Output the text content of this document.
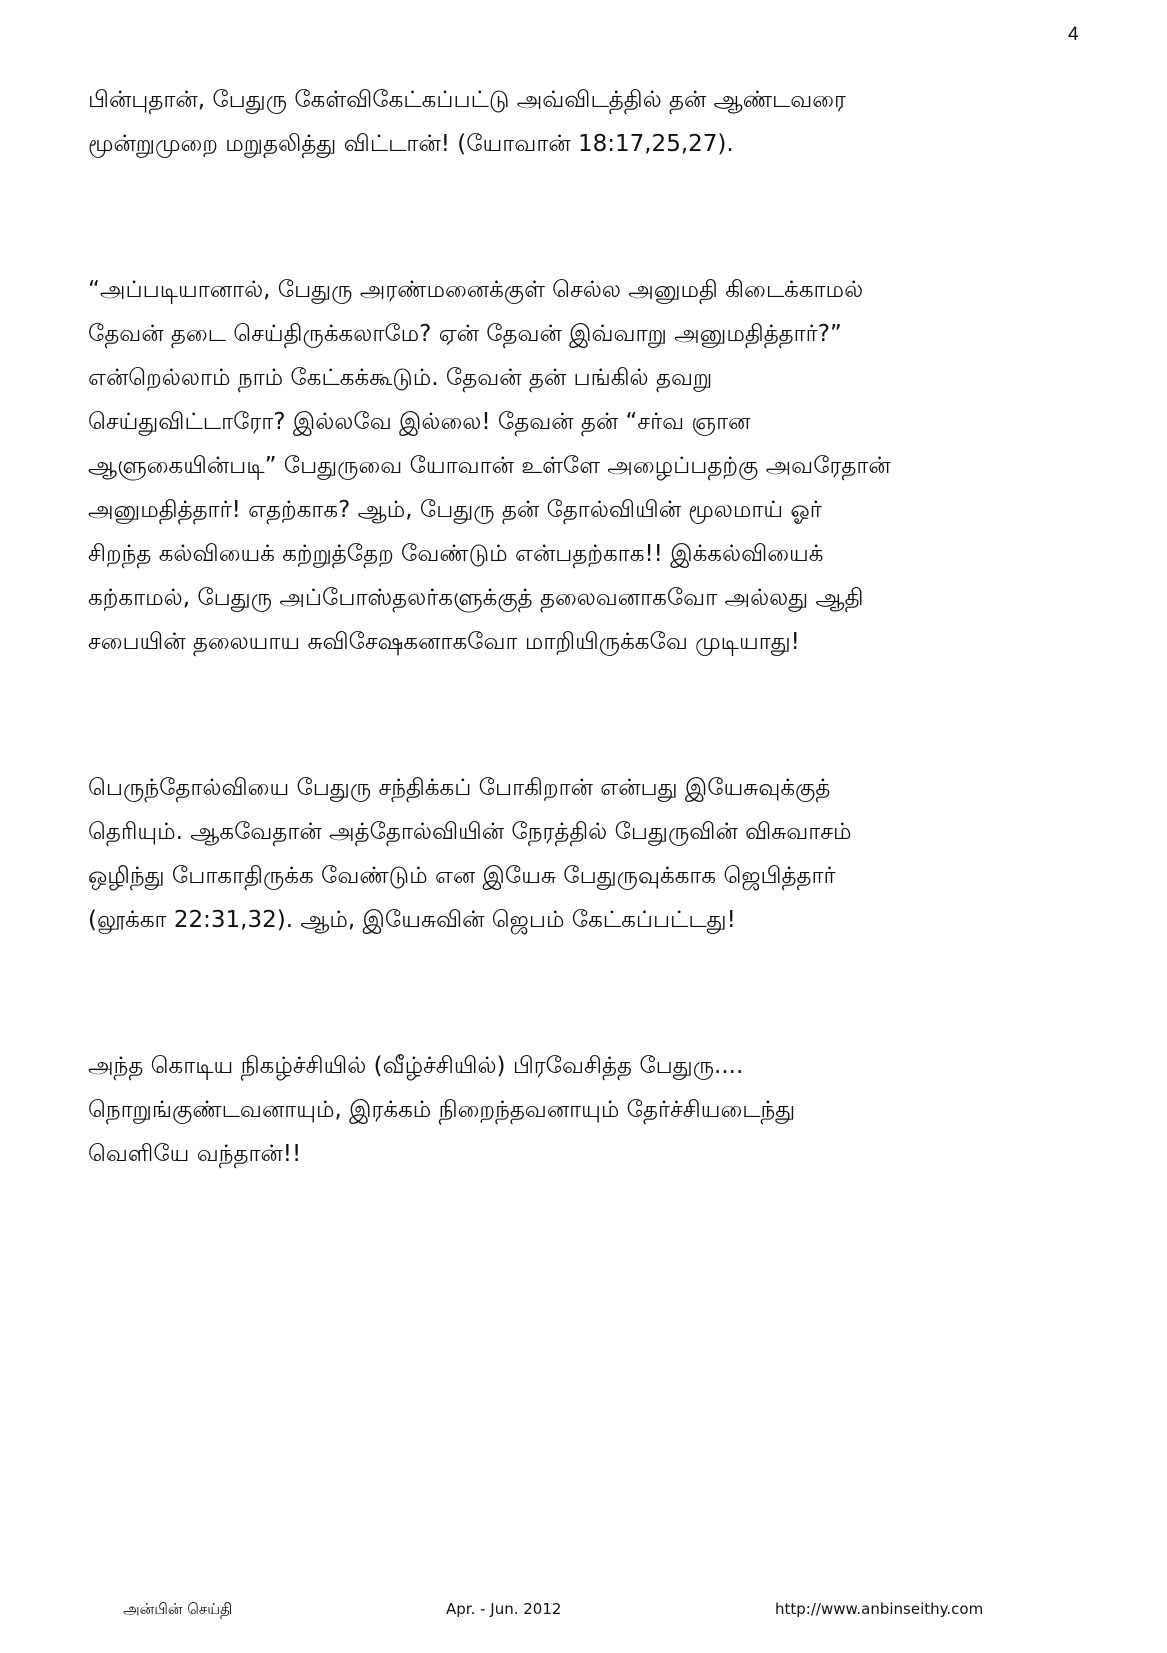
4
பின்புதான், பேதுரு கேள்விகேட்கப்பட்டு அவ்விடத்தில் தன் ஆண்டவரை
மூன்றுமுறை மறுதலித்து விட்டான்! (யோவான் 18:17,25,27).
“அப்படியானால், பேதுரு அரண்மனைக்குள் செல்ல அனுமதி கிடைக்காமல்
தேவன் தடை செய்திருக்கலாமே? ஏன் தேவன் இவ்வாறு அனுமதித்தார்?”
என்றெல்லாம் நாம் கேட்கக்கூடும். தேவன் தன் பங்கில் தவறு
செய்துவிட்டாரோ? இல்லவே இல்லை! தேவன் தன் “சர்வ ஞான
ஆளுகையின்படி” பேதுருவை யோவான் உள்ளே அழைப்பதற்கு அவரேதான்
அனுமதித்தார்! எதற்காக? ஆம், பேதுரு தன் தோல்வியின் மூலமாய் ஓர்
சிறந்த கல்வியைக் கற்றுத்தேற வேண்டும் என்பதற்காக!! இக்கல்வியைக்
கற்காமல், பேதுரு அப்போஸ்தலர்களுக்குத் தலைவனாகவோ அல்லது ஆதி
சபையின் தலையாய சுவிசேஷகனாகவோ மாறியிருக்கவே முடியாது!
பெருந்தோல்வியை பேதுரு சந்திக்கப் போகிறான் என்பது இயேசுவுக்குத்
தெரியும். ஆகவேதான் அத்தோல்வியின் நேரத்தில் பேதுருவின் விசுவாசம்
ஒழிந்து போகாதிருக்க வேண்டும் என இயேசு பேதுருவுக்காக ஜெபித்தார்
(லூக்கா 22:31,32). ஆம், இயேசுவின் ஜெபம் கேட்கப்பட்டது!
அந்த கொடிய நிகழ்ச்சியில் (வீழ்ச்சியில்) பிரவேசித்த பேதுரு....
நொறுங்குண்டவனாயும், இரக்கம் நிறைந்தவனாயும் தேர்ச்சியடைந்து
வெளியே வந்தான்!!
அன்பின் செய்தி	Apr. - Jun. 2012	http://www.anbinseithy.com
